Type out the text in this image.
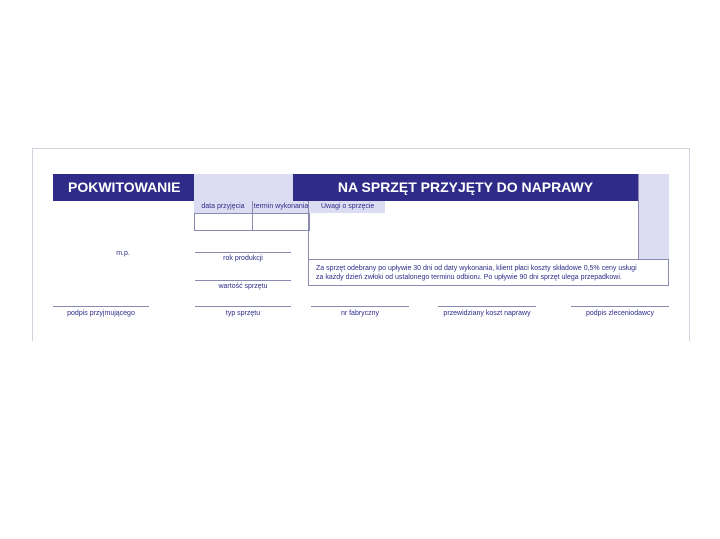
POKWITOWANIE	NA SPRZĘT PRZYJĘTY DO NAPRAWY
data przyjęcia	termin wykonania Uwagi o sprzęcie
Za sprzęt odebrany po upływie 30 dni od daty wykonania, klient płaci koszty składowe 0,5% ceny usługi
za każdy dzień zwłoki od ustalonego terminu odbioru. Po upływie 90 dni sprzęt ulega przepadkowi.
m.p.
rok produkcji
wartość sprzętu
podpis przyjmującego	typ sprzętu	nr fabryczny	przewidziany koszt naprawy	podpis zleceniodawcy
